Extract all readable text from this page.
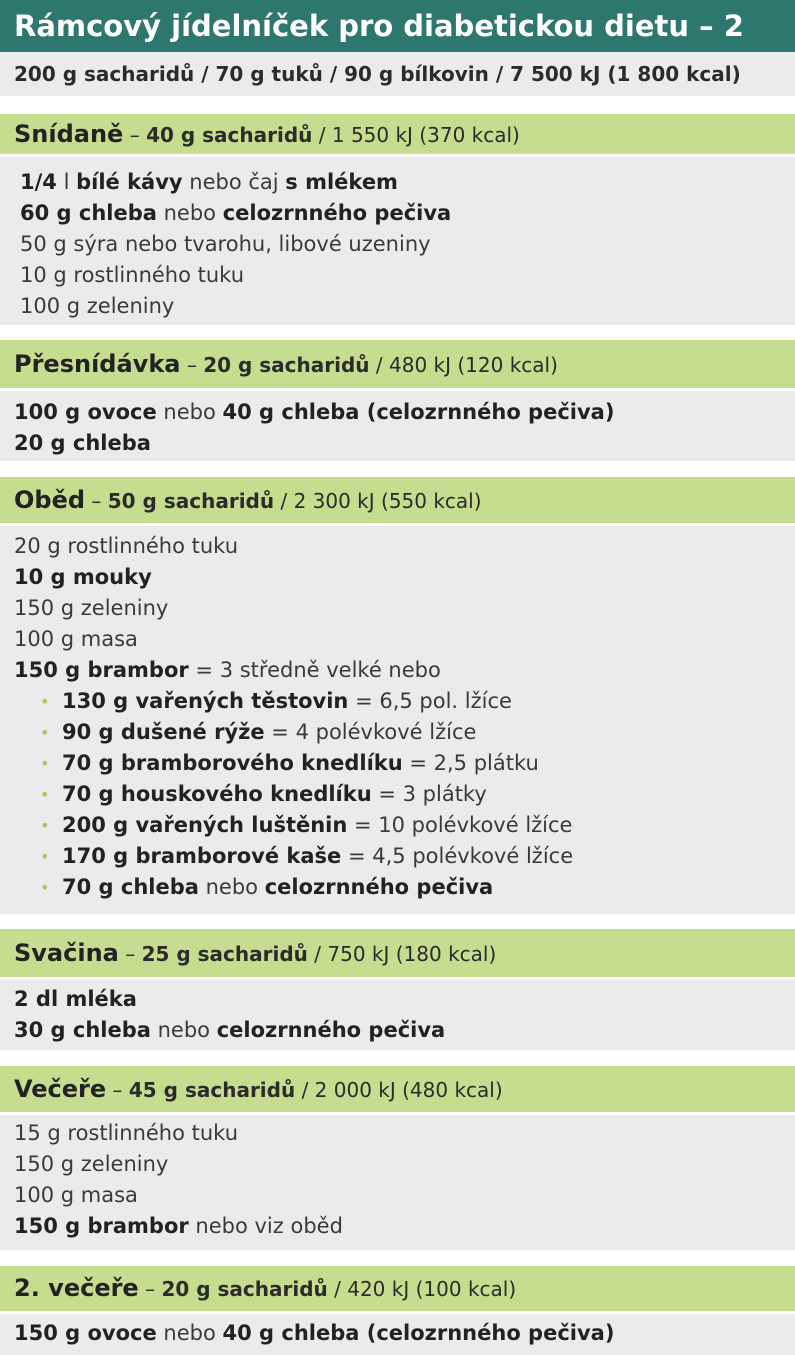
Rámcový jídelníček pro diabetickou dietu – 2
200 g sacharidů / 70 g tuků / 90 g bílkovin / 7 500 kJ (1 800 kcal)
Snídaně – 40 g sacharidů / 1 550 kJ (370 kcal)
1/4 l bílé kávy nebo čaj s mlékem
60 g chleba nebo celozrnného pečiva
50 g sýra nebo tvarohu, libové uzeniny
10 g rostlinného tuku
100 g zeleniny
Přesnídávka – 20 g sacharidů / 480 kJ (120 kcal)
100 g ovoce nebo 40 g chleba (celozrnného pečiva)
20 g chleba
Oběd – 50 g sacharidů / 2 300 kJ (550 kcal)
20 g rostlinného tuku
10 g mouky
150 g zeleniny
100 g masa
150 g brambor = 3 středně velké nebo
• 130 g vařených těstovin = 6,5 pol. lžíce
• 90 g dušené rýže = 4 polévkové lžíce
• 70 g bramborového knedlíku = 2,5 plátku
• 70 g houskového knedlíku = 3 plátky
• 200 g vařených luštěnin = 10 polévkové lžíce
• 170 g bramborové kaše = 4,5 polévkové lžíce
• 70 g chleba nebo celozrnného pečiva
Svačina – 25 g sacharidů / 750 kJ (180 kcal)
2 dl mléka
30 g chleba nebo celozrnného pečiva
Večeře – 45 g sacharidů / 2 000 kJ (480 kcal)
15 g rostlinného tuku
150 g zeleniny
100 g masa
150 g brambor nebo viz oběd
2. večeře – 20 g sacharidů / 420 kJ (100 kcal)
150 g ovoce nebo 40 g chleba (celozrnného pečiva)
